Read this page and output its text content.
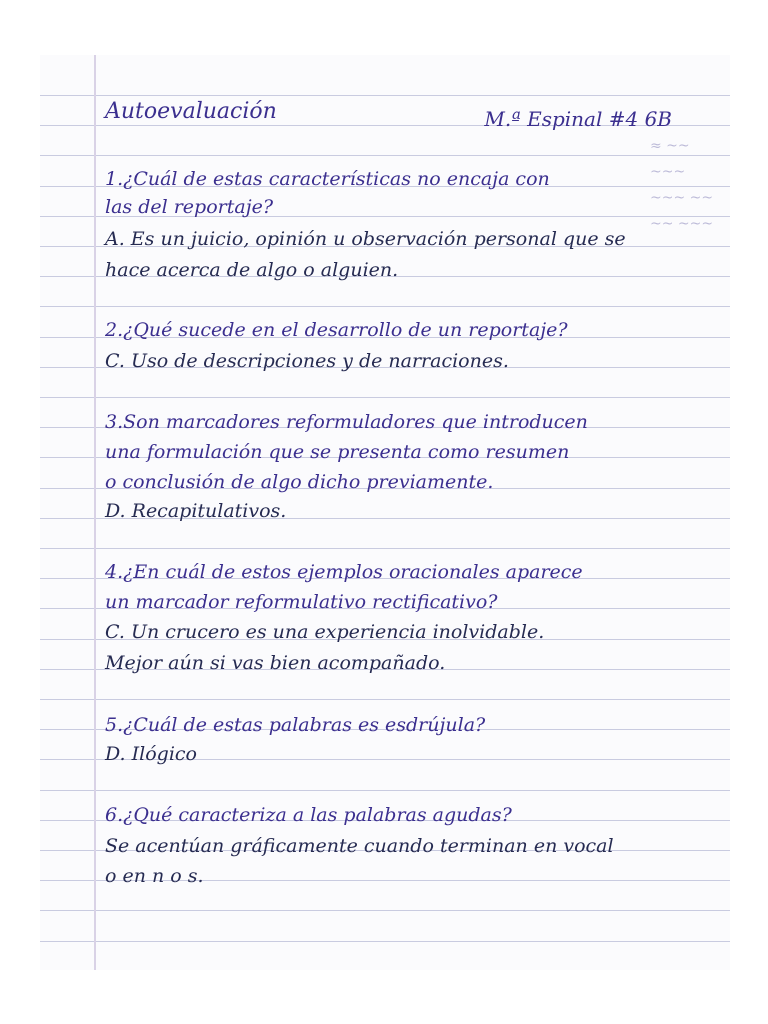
≈ ~~ ~~~
~~~ ~~
~~ ~~~
Autoevaluación	M.ª Espinal #4 6B
1.¿Cuál de estas características no encaja con
las del reportaje?
A. Es un juicio, opinión u observación personal que se
hace acerca de algo o alguien.
2.¿Qué sucede en el desarrollo de un reportaje?
C. Uso de descripciones y de narraciones.
3.Son marcadores reformuladores que introducen
una formulación que se presenta como resumen
o conclusión de algo dicho previamente.
D. Recapitulativos.
4.¿En cuál de estos ejemplos oracionales aparece
un marcador reformulativo rectificativo?
C. Un crucero es una experiencia inolvidable.
Mejor aún si vas bien acompañado.
5.¿Cuál de estas palabras es esdrújula?
D. Ilógico
6.¿Qué caracteriza a las palabras agudas?
Se acentúan gráficamente cuando terminan en vocal
o en n o s.
